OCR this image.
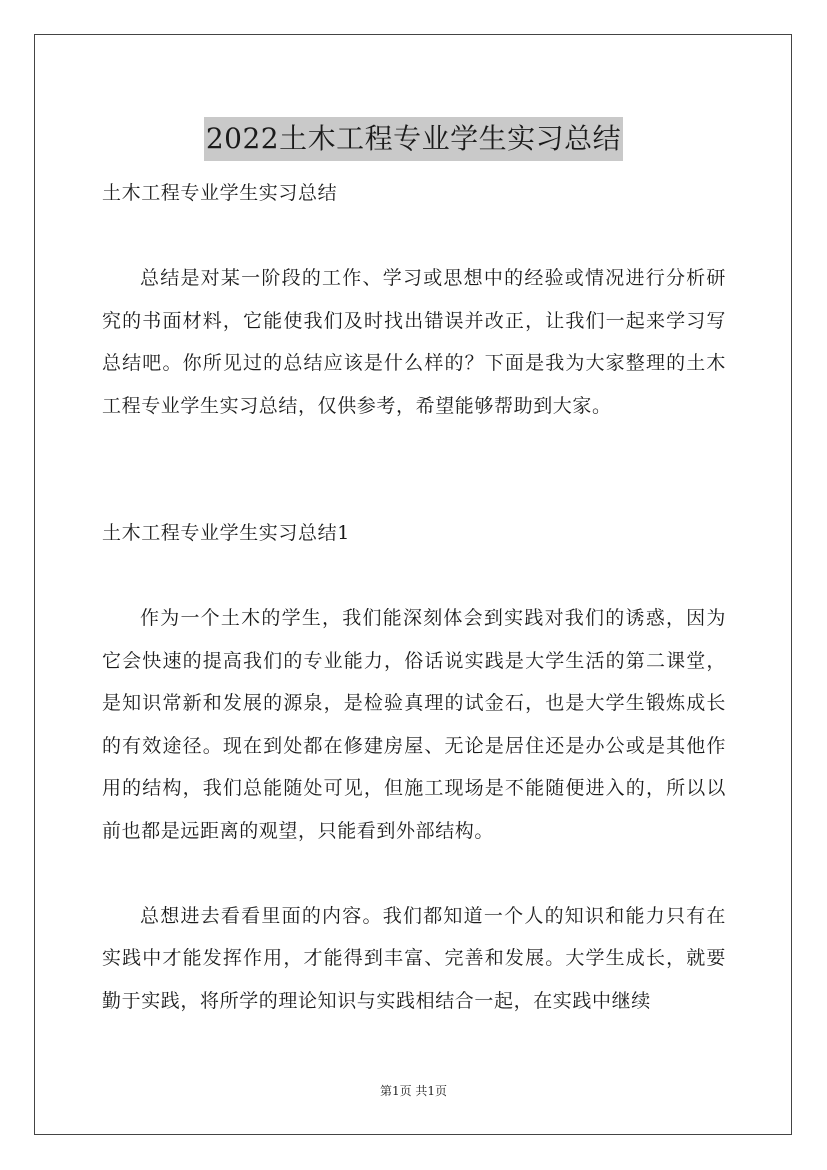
2022土木工程专业学生实习总结

土木工程专业学生实习总结

总结是对某一阶段的工作、学习或思想中的经验或情况进行分析研究的书面材料，它能使我们及时找出错误并改正，让我们一起来学习写总结吧。你所见过的总结应该是什么样的？下面是我为大家整理的土木工程专业学生实习总结，仅供参考，希望能够帮助到大家。

土木工程专业学生实习总结1

作为一个土木的学生，我们能深刻体会到实践对我们的诱惑，因为它会快速的提高我们的专业能力，俗话说实践是大学生活的第二课堂，是知识常新和发展的源泉，是检验真理的试金石，也是大学生锻炼成长的有效途径。现在到处都在修建房屋、无论是居住还是办公或是其他作用的结构，我们总能随处可见，但施工现场是不能随便进入的，所以以前也都是远距离的观望，只能看到外部结构。

总想进去看看里面的内容。我们都知道一个人的知识和能力只有在实践中才能发挥作用，才能得到丰富、完善和发展。大学生成长，就要勤于实践，将所学的理论知识与实践相结合一起，在实践中继续

第1页 共1页
